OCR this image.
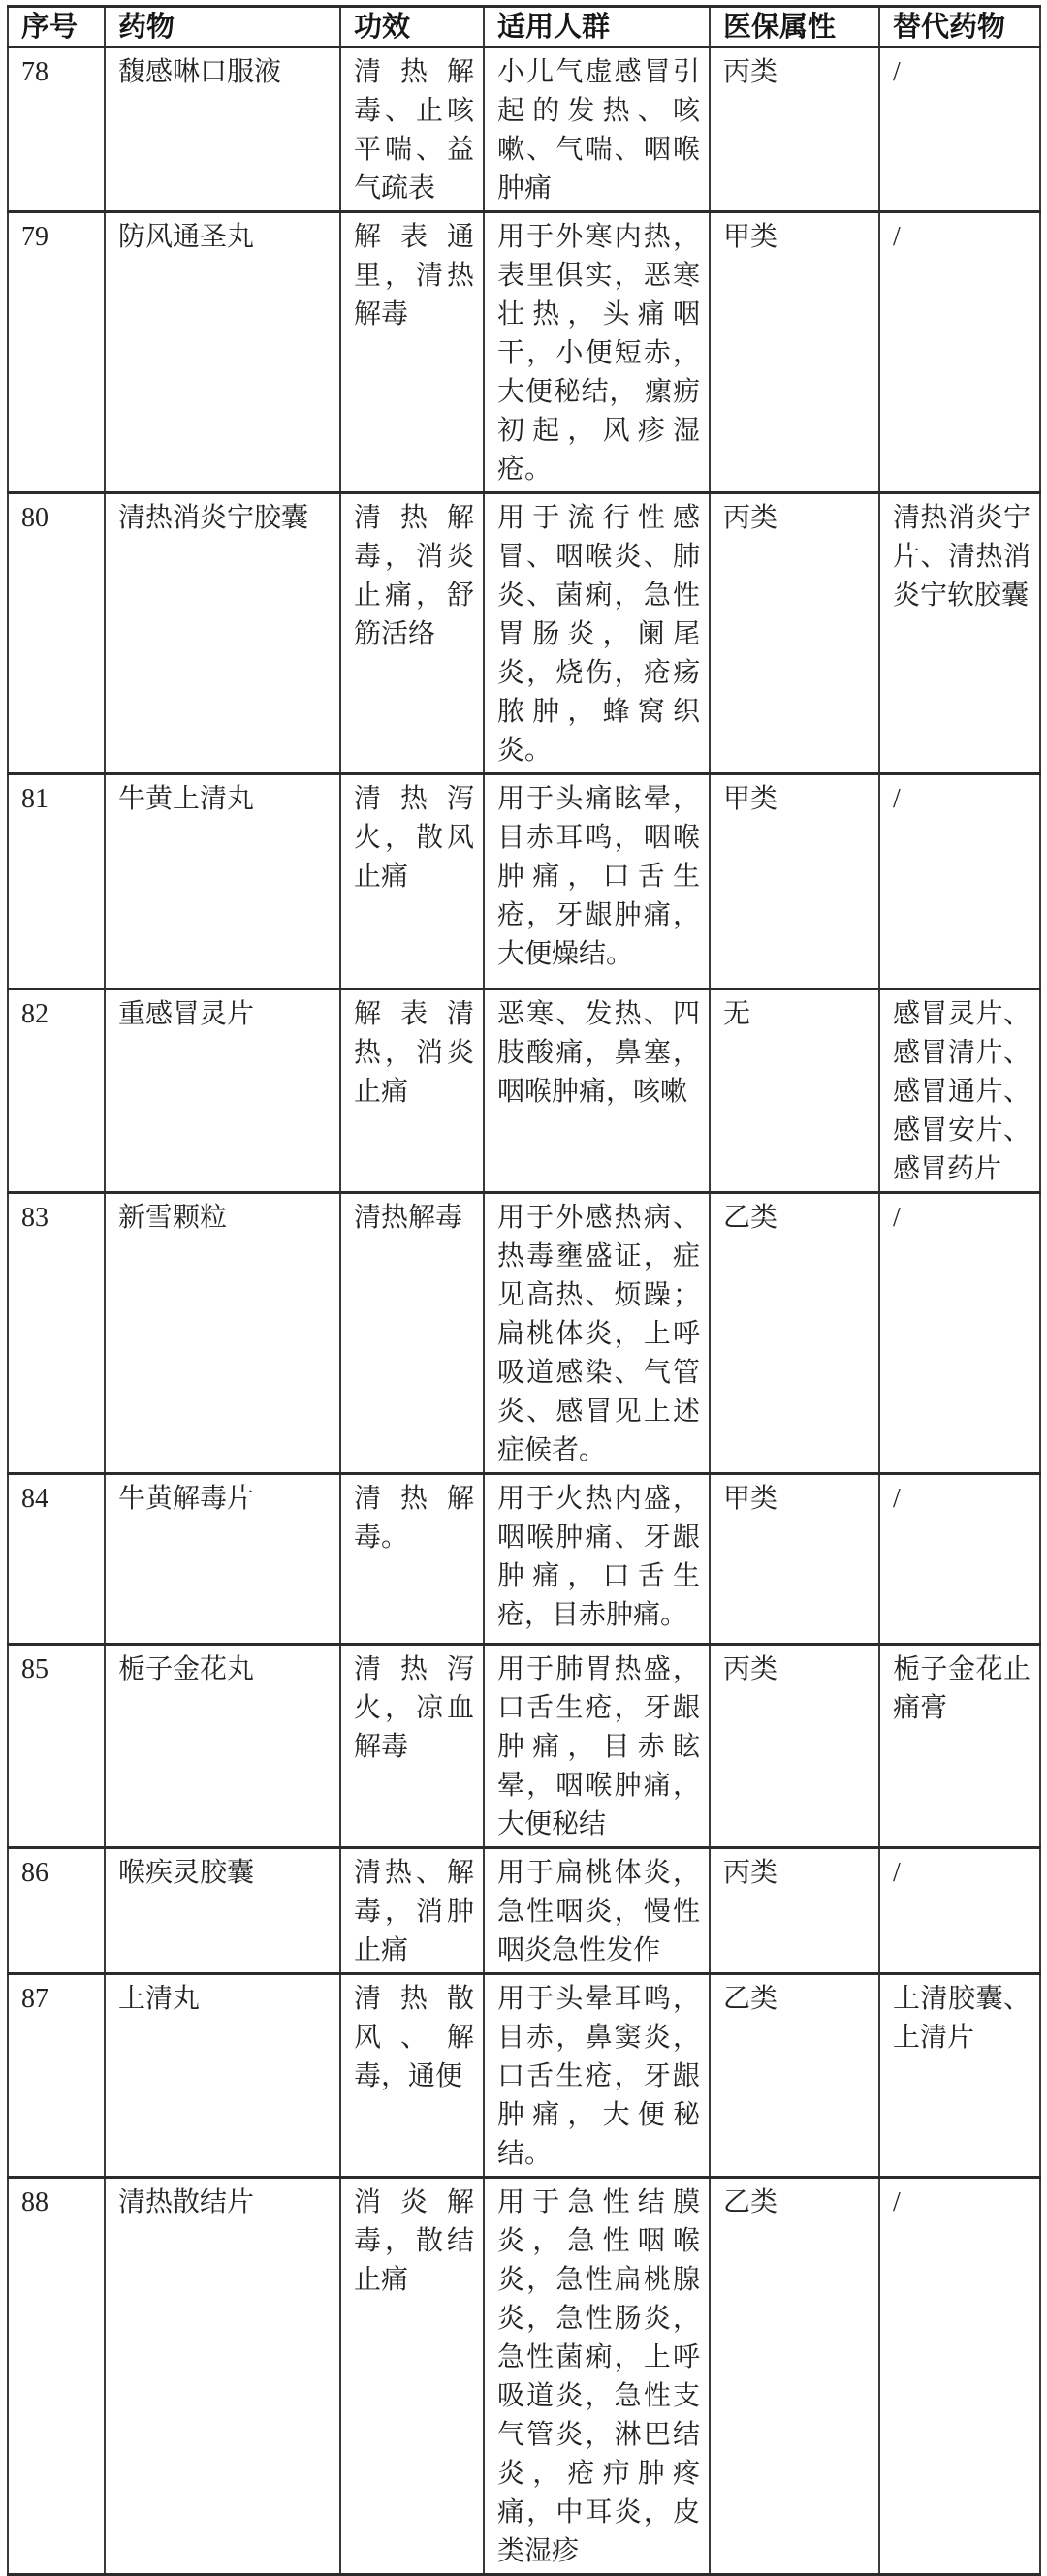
序号	药物	功效	适用人群	医保属性	替代药物
78	馥感啉口服液	清热解毒、止咳平喘、益气疏表	小儿气虚感冒引起的发热、咳嗽、气喘、咽喉肿痛	丙类	/
79	防风通圣丸	解表通里，清热解毒	用于外寒内热，表里俱实，恶寒壮热，头痛咽干，小便短赤，大便秘结， 瘰疬初起，风疹湿疮。	甲类	/
80	清热消炎宁胶囊	清热解毒，消炎止痛，舒筋活络	用于流行性感冒、咽喉炎、肺炎、菌痢，急性胃肠炎，阑尾炎，烧伤，疮疡脓肿，蜂窝织炎。	丙类	清热消炎宁片、清热消炎宁软胶囊
81	牛黄上清丸	清热泻火，散风止痛	用于头痛眩晕，目赤耳鸣，咽喉肿痛，口舌生疮，牙龈肿痛，大便燥结。	甲类	/
82	重感冒灵片	解表清热，消炎止痛	恶寒、发热、四肢酸痛，鼻塞，咽喉肿痛，咳嗽	无	感冒灵片、感冒清片、感冒通片、感冒安片、感冒药片
83	新雪颗粒	清热解毒	用于外感热病、热毒壅盛证，症见高热、烦躁；扁桃体炎，上呼吸道感染、气管炎、感冒见上述症候者。	乙类	/
84	牛黄解毒片	清热解毒。	用于火热内盛，咽喉肿痛、牙龈肿痛，口舌生疮，目赤肿痛。	甲类	/
85	栀子金花丸	清热泻火，凉血解毒	用于肺胃热盛，口舌生疮，牙龈肿痛，目赤眩晕，咽喉肿痛，大便秘结	丙类	栀子金花止痛膏
86	喉疾灵胶囊	清热、解毒，消肿止痛	用于扁桃体炎，急性咽炎，慢性咽炎急性发作	丙类	/
87	上清丸	清热散风、解毒，通便	用于头晕耳鸣，目赤，鼻窦炎，口舌生疮，牙龈肿痛，大便秘结。	乙类	上清胶囊、上清片
88	清热散结片	消炎解毒，散结止痛	用于急性结膜炎，急性咽喉炎，急性扁桃腺炎，急性肠炎，急性菌痢，上呼吸道炎，急性支气管炎，淋巴结炎，疮疖肿疼痛，中耳炎，皮类湿疹	乙类	/
